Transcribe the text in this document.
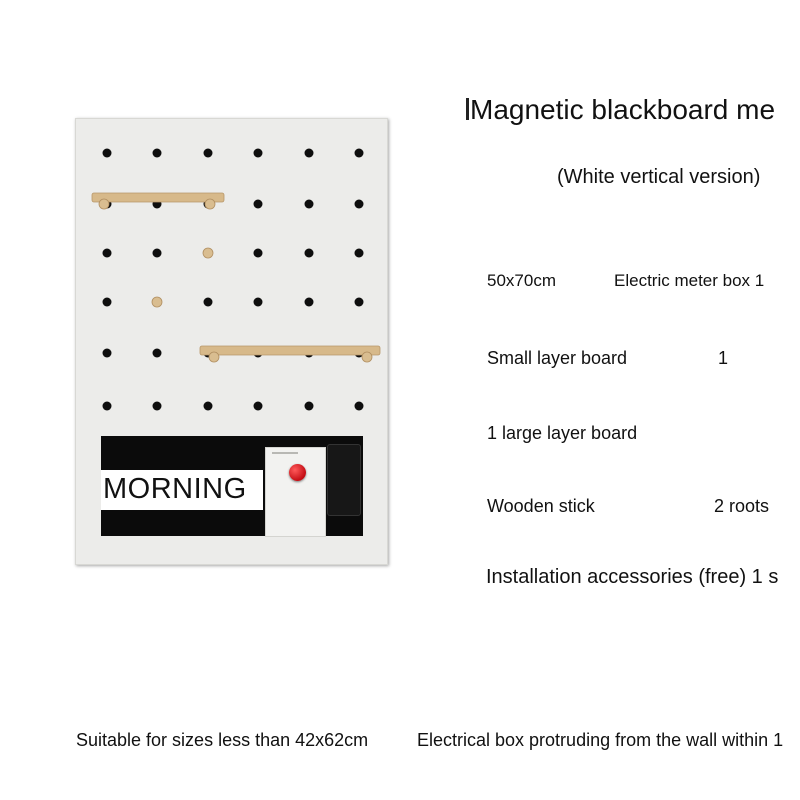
Magnetic blackboard me
(White vertical version)
50x70cm	Electric meter box 1
Small layer board	1
1 large layer board
Wooden stick	2 roots
Installation accessories (free) 1 s
Suitable for sizes less than 42x62cm	Electrical box protruding from the wall within 1
MORNING
